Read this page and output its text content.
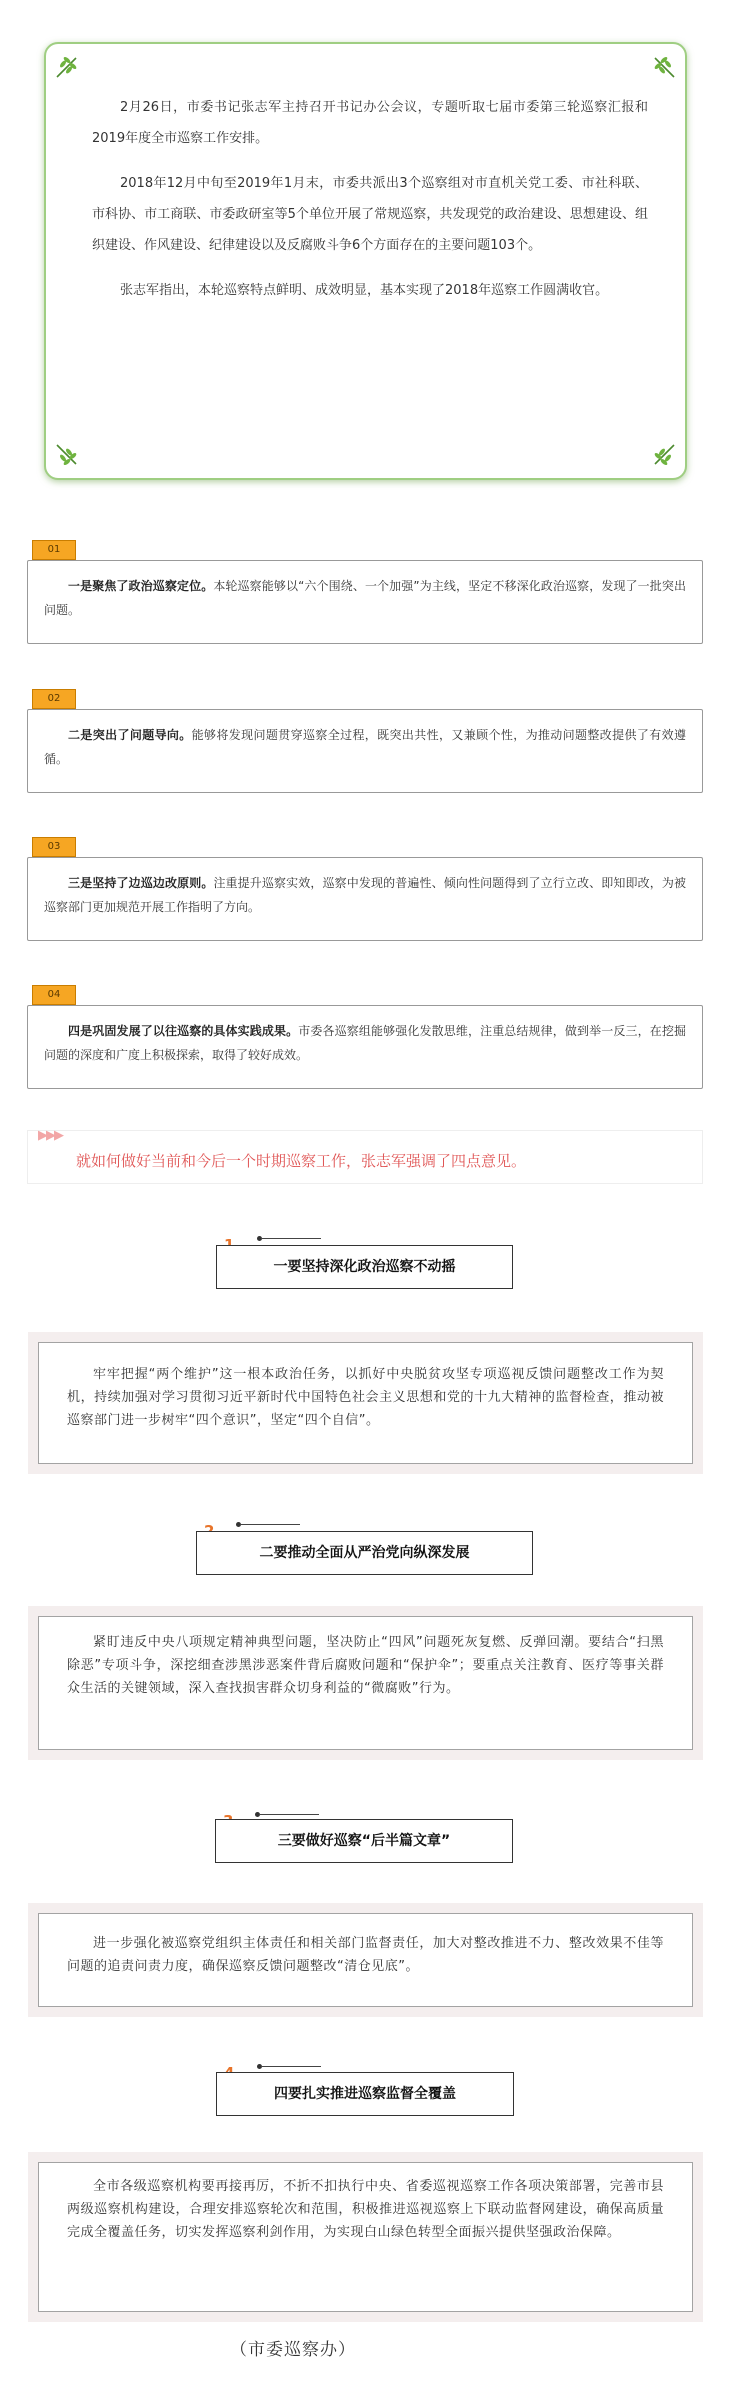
2月26日，市委书记张志军主持召开书记办公会议，专题听取七届市委第三轮巡察汇报和2019年度全市巡察工作安排。

2018年12月中旬至2019年1月末，市委共派出3个巡察组对市直机关党工委、市社科联、市科协、市工商联、市委政研室等5个单位开展了常规巡察，共发现党的政治建设、思想建设、组织建设、作风建设、纪律建设以及反腐败斗争6个方面存在的主要问题103个。

张志军指出，本轮巡察特点鲜明、成效明显，基本实现了2018年巡察工作圆满收官。

01

一是聚焦了政治巡察定位。本轮巡察能够以“六个围绕、一个加强”为主线，坚定不移深化政治巡察，发现了一批突出问题。

02

二是突出了问题导向。能够将发现问题贯穿巡察全过程，既突出共性，又兼顾个性，为推动问题整改提供了有效遵循。

03

三是坚持了边巡边改原则。注重提升巡察实效，巡察中发现的普遍性、倾向性问题得到了立行立改、即知即改，为被巡察部门更加规范开展工作指明了方向。

04

四是巩固发展了以往巡察的具体实践成果。市委各巡察组能够强化发散思维，注重总结规律，做到举一反三，在挖掘问题的深度和广度上积极探索，取得了较好成效。

▶▶▶
就如何做好当前和今后一个时期巡察工作，张志军强调了四点意见。
一要坚持深化政治巡察不动摇

牢牢把握“两个维护”这一根本政治任务，以抓好中央脱贫攻坚专项巡视反馈问题整改工作为契机，持续加强对学习贯彻习近平新时代中国特色社会主义思想和党的十九大精神的监督检查，推动被巡察部门进一步树牢“四个意识”，坚定“四个自信”。

二要推动全面从严治党向纵深发展

紧盯违反中央八项规定精神典型问题，坚决防止“四风”问题死灰复燃、反弹回潮。要结合“扫黑除恶”专项斗争，深挖细查涉黑涉恶案件背后腐败问题和“保护伞”；要重点关注教育、医疗等事关群众生活的关键领域，深入查找损害群众切身利益的“微腐败”行为。

三要做好巡察“后半篇文章”

进一步强化被巡察党组织主体责任和相关部门监督责任，加大对整改推进不力、整改效果不佳等问题的追责问责力度，确保巡察反馈问题整改“清仓见底”。

四要扎实推进巡察监督全覆盖

全市各级巡察机构要再接再厉，不折不扣执行中央、省委巡视巡察工作各项决策部署，完善市县两级巡察机构建设，合理安排巡察轮次和范围，积极推进巡视巡察上下联动监督网建设，确保高质量完成全覆盖任务，切实发挥巡察利剑作用，为实现白山绿色转型全面振兴提供坚强政治保障。

（市委巡察办）
